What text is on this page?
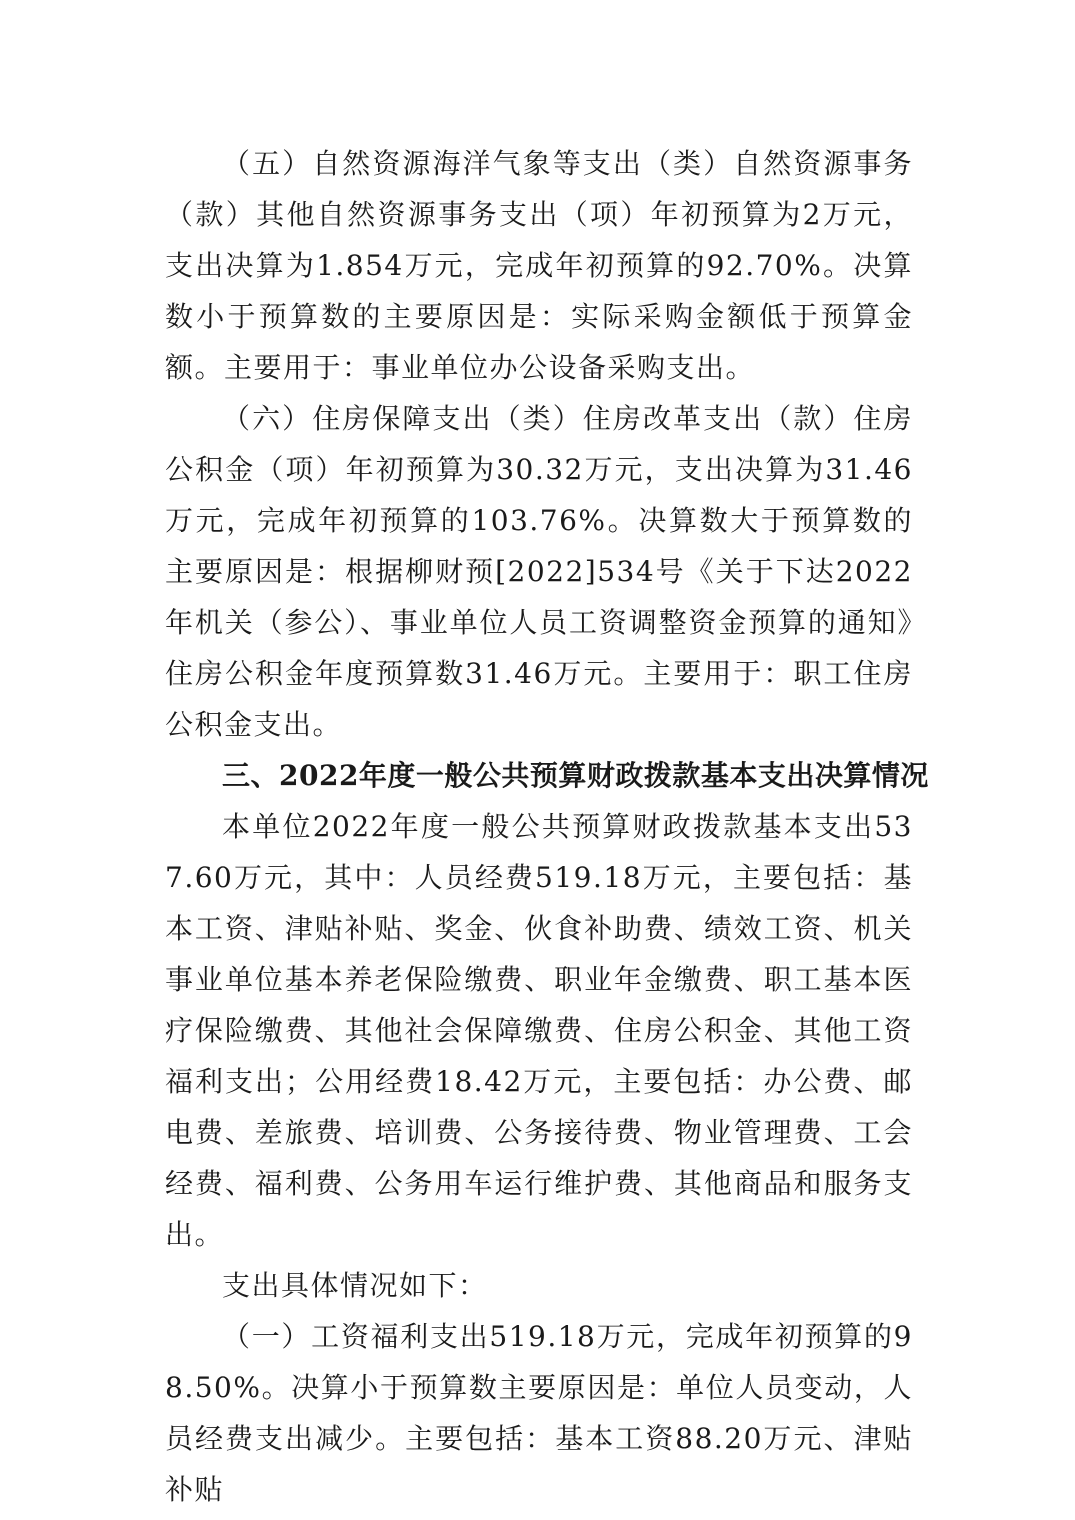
（五）自然资源海洋气象等支出（类）自然资源事务（款）其他自然资源事务支出（项）年初预算为2万元，支出决算为1.854万元，完成年初预算的92.70%。决算数小于预算数的主要原因是：实际采购金额低于预算金额。主要用于：事业单位办公设备采购支出。

（六）住房保障支出（类）住房改革支出（款）住房公积金（项）年初预算为30.32万元，支出决算为31.46万元，完成年初预算的103.76%。决算数大于预算数的主要原因是：根据柳财预[2022]534号《关于下达2022年机关（参公）、事业单位人员工资调整资金预算的通知》住房公积金年度预算数31.46万元。主要用于：职工住房公积金支出。

三、2022年度一般公共预算财政拨款基本支出决算情况

本单位2022年度一般公共预算财政拨款基本支出537.60万元，其中：人员经费519.18万元，主要包括：基本工资、津贴补贴、奖金、伙食补助费、绩效工资、机关事业单位基本养老保险缴费、职业年金缴费、职工基本医疗保险缴费、其他社会保障缴费、住房公积金、其他工资福利支出；公用经费18.42万元，主要包括：办公费、邮电费、差旅费、培训费、公务接待费、物业管理费、工会经费、福利费、公务用车运行维护费、其他商品和服务支出。

支出具体情况如下：

（一）工资福利支出519.18万元，完成年初预算的98.50%。决算小于预算数主要原因是：单位人员变动，人员经费支出减少。主要包括：基本工资88.20万元、津贴补贴
